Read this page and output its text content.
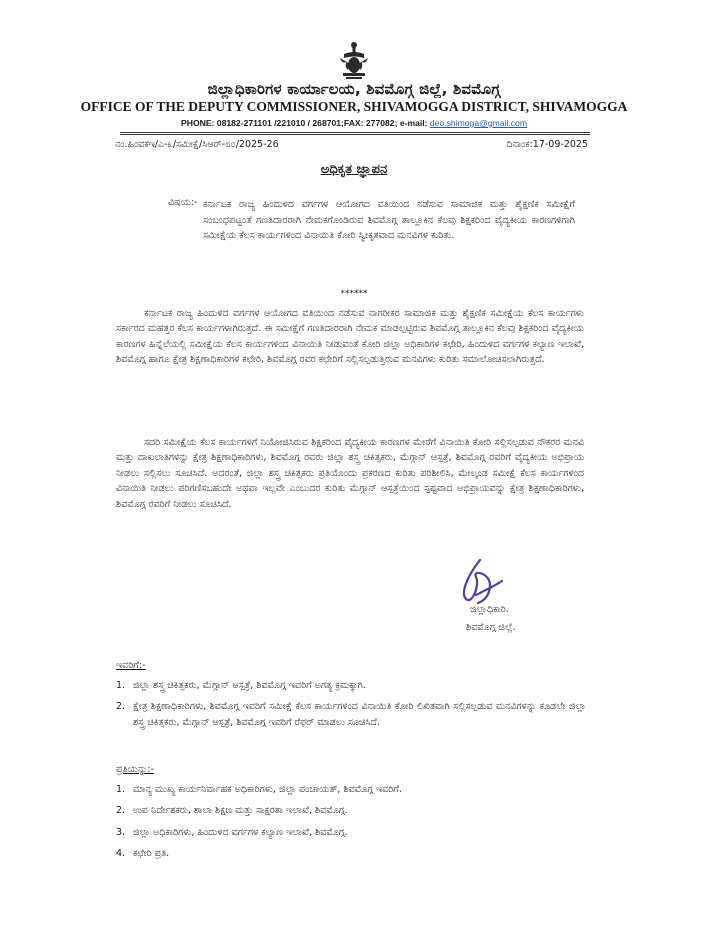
ಜಿಲ್ಲಾಧಿಕಾರಿಗಳ ಕಾರ್ಯಾಲಯ, ಶಿವಮೊಗ್ಗ ಜಿಲ್ಲೆ, ಶಿವಮೊಗ್ಗ
OFFICE OF THE DEPUTY COMMISSIONER, SHIVAMOGGA DISTRICT, SHIVAMOGGA
PHONE: 08182-271101 /221010 / 268701;FAX: 277082; e-mail: deo.shimoga@gmail.com
ನಂ.ಹಿಂವಕಇ/ಎ-೩/ಸಮೀಕ್ಷೆ/ಸಿಆರ್-೮೦/2025-26	ದಿನಾಂಕ:17-09-2025
ಅಧಿಕೃತ ಜ್ಞಾಪನ
ವಿಷಯ:- ಕರ್ನಾಟಕ ರಾಜ್ಯ ಹಿಂದುಳಿದ ವರ್ಗಗಳ ಆಯೋಗದ ವತಿಯಿಂದ ನಡೆಸುವ ಸಾಮಾಜಿಕ ಮತ್ತು ಶೈಕ್ಷಣಿಕ ಸಮೀಕ್ಷೆಗೆ ಸಂಬಂಧಪಟ್ಟಂತೆ ಗಣತಿದಾರರಾಗಿ ನೇಮಕಗೊಂಡಿರುವ ಶಿವಮೊಗ್ಗ ತಾಲ್ಲೂಕಿನ ಕೆಲವು ಶಿಕ್ಷಕರಿಂದ ವೈದ್ಯಕೀಯ ಕಾರಣಗಳಿಗಾಗಿ ಸಮೀಕ್ಷೆಯ ಕೆಲಸ ಕಾರ್ಯಗಳಿಂದ ವಿನಾಯಿತಿ ಕೋರಿ ಸ್ವೀಕೃತವಾದ ಮನವಿಗಳ ಕುರಿತು.
******

ಕರ್ನಾಟಕ ರಾಜ್ಯ ಹಿಂದುಳಿದ ವರ್ಗಗಳ ಆಯೋಗದ ವತಿಯಿಂದ ನಡೆಸುವ ನಾಗರೀಕರ ಸಾಮಾಜಿಕ ಮತ್ತು ಶೈಕ್ಷಣಿಕ ಸಮೀಕ್ಷೆಯ ಕೆಲಸ ಕಾರ್ಯಗಳು ಸರ್ಕಾರದ ಮಹತ್ತರ ಕೆಲಸ ಕಾರ್ಯಗಳಾಗಿರುತ್ತದೆ. ಈ ಸಮೀಕ್ಷೆಗೆ ಗಣತಿದಾರರಾಗಿ ನೇಮಕ ಮಾಡಲ್ಪಟ್ಟಿರುವ ಶಿವಮೊಗ್ಗ ತಾಲ್ಲೂಕಿನ ಕೆಲವು ಶಿಕ್ಷಕರಿಂದ ವೈದ್ಯಕೀಯ ಕಾರಣಗಳ ಹಿನ್ನೆಲೆಯಲ್ಲಿ ಸಮೀಕ್ಷೆಯ ಕೆಲಸ ಕಾರ್ಯಗಳಿಂದ ವಿನಾಯಿತಿ ನೀಡುವಂತೆ ಕೋರಿ ಜಿಲ್ಲಾ ಅಧಿಕಾರಿಗಳ ಕಛೇರಿ, ಹಿಂದುಳಿದ ವರ್ಗಗಳ ಕಲ್ಯಾಣ ಇಲಾಖೆ, ಶಿವಮೊಗ್ಗ ಹಾಗೂ ಕ್ಷೇತ್ರ ಶಿಕ್ಷಣಾಧಿಕಾರಿಗಳ ಕಛೇರಿ, ಶಿವಮೊಗ್ಗ ರವರ ಕಛೇರಿಗೆ ಸಲ್ಲಿಸಲ್ಪಡುತ್ತಿರುವ ಮನವಿಗಳು ಕುರಿತು ಸಮಾಲೋಚಿಸಲಾಗಿರುತ್ತದೆ.

ಸದರಿ ಸಮೀಕ್ಷೆಯ ಕೆಲಸ ಕಾರ್ಯಗಳಿಗೆ ನಿಯೋಜಿಸಿರುವ ಶಿಕ್ಷಕರಿಂದ ವೈದ್ಯಕೀಯ ಕಾರಣಗಳ ಮೇರೆಗೆ ವಿನಾಯಿತಿ ಕೋರಿ ಸಲ್ಲಿಸಲ್ಪಡುವ ನೌಕರರ ಮನವಿ ಮತ್ತು ದಾಖಲಾತಿಗಳನ್ನು ಕ್ಷೇತ್ರ ಶಿಕ್ಷಣಾಧಿಕಾರಿಗಳು, ಶಿವಮೊಗ್ಗ ರವರು ಜಿಲ್ಲಾ ಶಸ್ತ್ರ ಚಿಕಿತ್ಸಕರು, ಮೆಗ್ಗಾನ್ ಆಸ್ಪತ್ರೆ, ಶಿವಮೊಗ್ಗ ರವರಿಗೆ ವೈದ್ಯಕೀಯ ಅಭಿಪ್ರಾಯ ನೀಡಲು ಸಲ್ಲಿಸಲು ಸೂಚಿಸಿದೆ. ಅದರಂತೆ, ಜಿಲ್ಲಾ ಶಸ್ತ್ರ ಚಿಕಿತ್ಸಕರು ಪ್ರತಿಯೊಂದು ಪ್ರಕರಣದ ಕುರಿತು ಪರಿಶೀಲಿಸಿ, ಮೇಲ್ಕಂಡ ಸಮೀಕ್ಷೆ ಕೆಲಸ ಕಾರ್ಯಗಳಿಂದ ವಿನಾಯಿತಿ ನೀಡಲು ಪರಿಗಣಿಸಬಹುದೇ ಅಥವಾ ಇಲ್ಲವೇ ಎಂಬುದರ ಕುರಿತು ಮೆಗ್ಗಾನ್ ಆಸ್ಪತ್ರೆಯಿಂದ ಸ್ಪಷ್ಟವಾದ ಅಭಿಪ್ರಾಯವನ್ನು ಕ್ಷೇತ್ರ ಶಿಕ್ಷಣಾಧಿಕಾರಿಗಳು, ಶಿವಮೊಗ್ಗ ರವರಿಗೆ ನೀಡಲು ಸೂಚಿಸಿದೆ.

ಜಿಲ್ಲಾಧಿಕಾರಿ.
ಶಿವಮೊಗ್ಗ ಜಿಲ್ಲೆ.
ಇವರಿಗೆ:-
1. ಜಿಲ್ಲಾ ಶಸ್ತ್ರ ಚಿಕಿತ್ಸಕರು, ಮೆಗ್ಗಾನ್ ಆಸ್ಪತ್ರೆ, ಶಿವಮೊಗ್ಗ ಇವರಿಗೆ ಅಗತ್ಯ ಕ್ರಮಕ್ಕಾಗಿ.
2. ಕ್ಷೇತ್ರ ಶಿಕ್ಷಣಾಧಿಕಾರಿಗಳು, ಶಿವಮೊಗ್ಗ ಇವರಿಗೆ ಸಮೀಕ್ಷೆ ಕೆಲಸ ಕಾರ್ಯಗಳಿಂದ ವಿನಾಯಿತಿ ಕೋರಿ ಲಿಖಿತವಾಗಿ ಸಲ್ಲಿಸಲ್ಪಡುವ ಮನವಿಗಳನ್ನು ಕೂಡಲೇ ಜಿಲ್ಲಾ ಶಸ್ತ್ರ ಚಿಕಿತ್ಸಕರು, ಮೆಗ್ಗಾನ್ ಆಸ್ಪತ್ರೆ, ಶಿವಮೊಗ್ಗ ಇವರಿಗೆ ರೆಫರ್ ಮಾಡಲು ಸೂಚಿಸಿದೆ.
ಪ್ರತಿಯನ್ನು:-
1. ಮಾನ್ಯ ಮುಖ್ಯ ಕಾರ್ಯನಿರ್ವಾಹಕ ಅಧಿಕಾರಿಗಳು, ಜಿಲ್ಲಾ ಪಂಚಾಯತ್, ಶಿವಮೊಗ್ಗ ಇವರಿಗೆ.
2. ಉಪ ನಿರ್ದೇಶಕರು, ಶಾಲಾ ಶಿಕ್ಷಣ ಮತ್ತು ಸಾಕ್ಷರತಾ ಇಲಾಖೆ, ಶಿವಮೊಗ್ಗ.
3. ಜಿಲ್ಲಾ ಅಧಿಕಾರಿಗಳು, ಹಿಂದುಳಿದ ವರ್ಗಗಳ ಕಲ್ಯಾಣ ಇಲಾಖೆ, ಶಿವಮೊಗ್ಗ.
4. ಕಛೇರಿ ಪ್ರತಿ.
